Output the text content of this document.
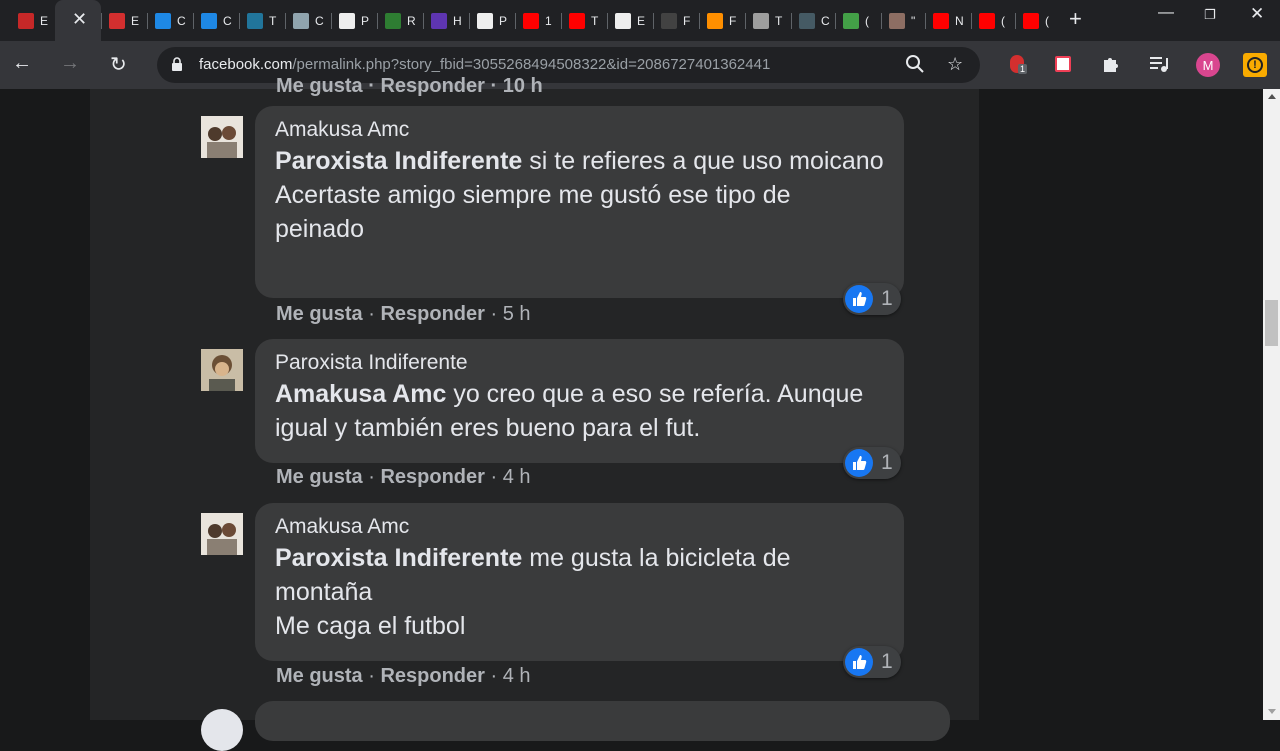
E	E	C	C	T	C	P	R	H	P	1	T	E	F	F	T	C	(	"	N	(	(
✕	+	— ❐ ✕
← → ↻	facebook.com/permalink.php?story_fbid=3055268494508322&id=2086727401362441	☆	1	M	!
Me gusta · Responder · 10 h
Amakusa Amc
Paroxista Indiferente si te refieres a que uso moicano
Acertaste amigo siempre me gustó ese tipo de peinado
1
Me gusta · Responder · 5 h
Paroxista Indiferente
Amakusa Amc yo creo que a eso se refería. Aunque igual y también eres bueno para el fut.
1
Me gusta · Responder · 4 h
Amakusa Amc
Paroxista Indiferente me gusta la bicicleta de montaña
Me caga el futbol
1
Me gusta · Responder · 4 h
